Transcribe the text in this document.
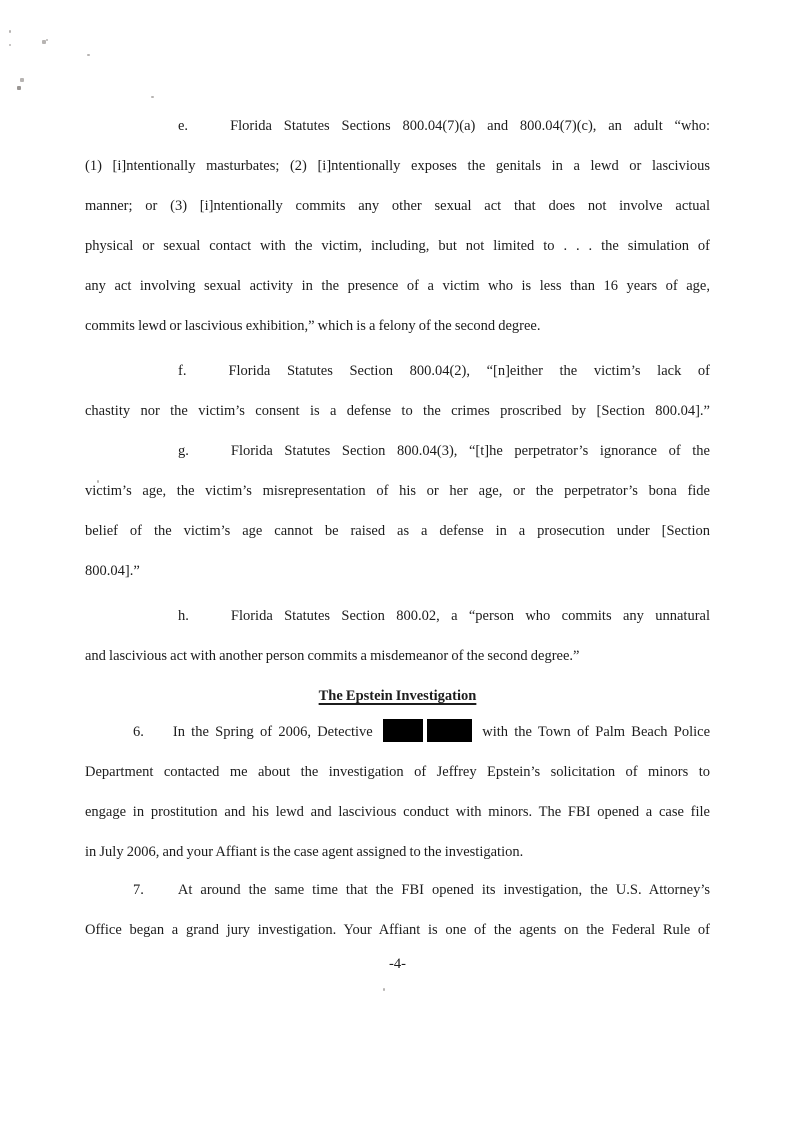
e.	Florida Statutes Sections 800.04(7)(a) and 800.04(7)(c), an adult “who:
(1) [i]ntentionally masturbates; (2) [i]ntentionally exposes the genitals in a lewd or lascivious
manner; or (3) [i]ntentionally commits any other sexual act that does not involve actual
physical or sexual contact with the victim, including, but not limited to . . . the simulation of
any act involving sexual activity in the presence of a victim who is less than 16 years of age,
commits lewd or lascivious exhibition,” which is a felony of the second degree.
f.	Florida Statutes Section 800.04(2), “[n]either the victim’s lack of
chastity nor the victim’s consent is a defense to the crimes proscribed by [Section 800.04].”
g.	Florida Statutes Section 800.04(3), “[t]he perpetrator’s ignorance of the
victim’s age, the victim’s misrepresentation of his or her age, or the perpetrator’s bona fide
belief of the victim’s age cannot be raised as a defense in a prosecution under [Section
800.04].”
h.	Florida Statutes Section 800.02, a “person who commits any unnatural
and lascivious act with another person commits a misdemeanor of the second degree.”
The Epstein Investigation
6. In the Spring of 2006, Detective	with the Town of Palm Beach Police
Department contacted me about the investigation of Jeffrey Epstein’s solicitation of minors to
engage in prostitution and his lewd and lascivious conduct with minors. The FBI opened a case file
in July 2006, and your Affiant is the case agent assigned to the investigation.
7. At around the same time that the FBI opened its investigation, the U.S. Attorney’s
Office began a grand jury investigation. Your Affiant is one of the agents on the Federal Rule of
-4-
